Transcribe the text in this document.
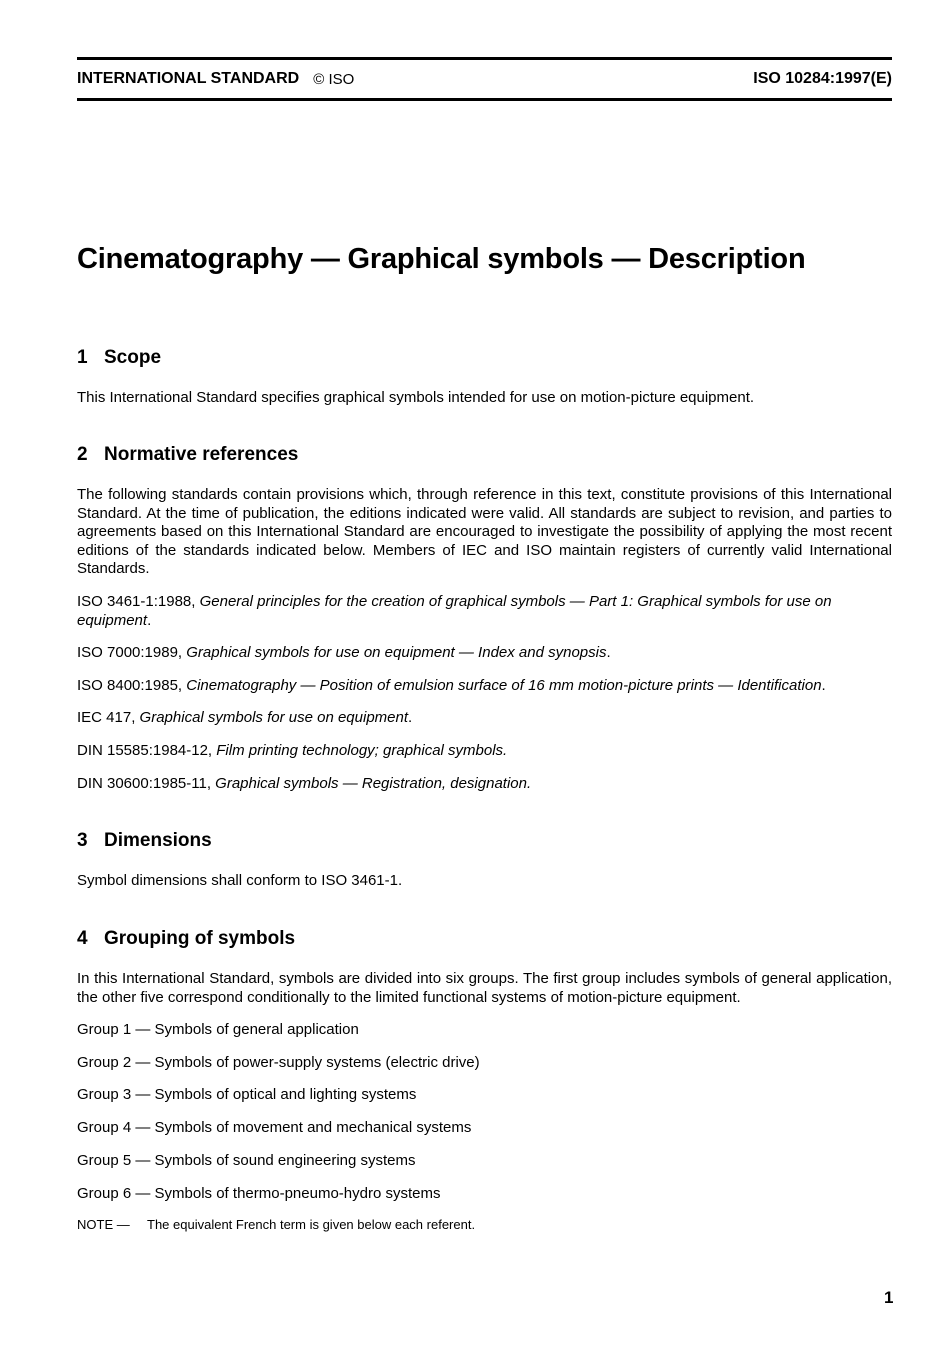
INTERNATIONAL STANDARD © ISO	ISO 10284:1997(E)
Cinematography — Graphical symbols — Description
1 Scope

This International Standard specifies graphical symbols intended for use on motion-picture equipment.

2 Normative references

The following standards contain provisions which, through reference in this text, constitute provisions of this International Standard. At the time of publication, the editions indicated were valid. All standards are subject to revision, and parties to agreements based on this International Standard are encouraged to investigate the possibility of applying the most recent editions of the standards indicated below. Members of IEC and ISO maintain registers of currently valid International Standards.

ISO 3461-1:1988, General principles for the creation of graphical symbols — Part 1: Graphical symbols for use on equipment.
ISO 7000:1989, Graphical symbols for use on equipment — Index and synopsis.
ISO 8400:1985, Cinematography — Position of emulsion surface of 16 mm motion-picture prints — Identification.
IEC 417, Graphical symbols for use on equipment.
DIN 15585:1984-12, Film printing technology; graphical symbols.
DIN 30600:1985-11, Graphical symbols — Registration, designation.
3 Dimensions

Symbol dimensions shall conform to ISO 3461-1.

4 Grouping of symbols

In this International Standard, symbols are divided into six groups. The first group includes symbols of general application, the other five correspond conditionally to the limited functional systems of motion-picture equipment.

Group 1 — Symbols of general application
Group 2 — Symbols of power-supply systems (electric drive)
Group 3 — Symbols of optical and lighting systems
Group 4 — Symbols of movement and mechanical systems
Group 5 — Symbols of sound engineering systems
Group 6 — Symbols of thermo-pneumo-hydro systems
NOTE — The equivalent French term is given below each referent.
1
